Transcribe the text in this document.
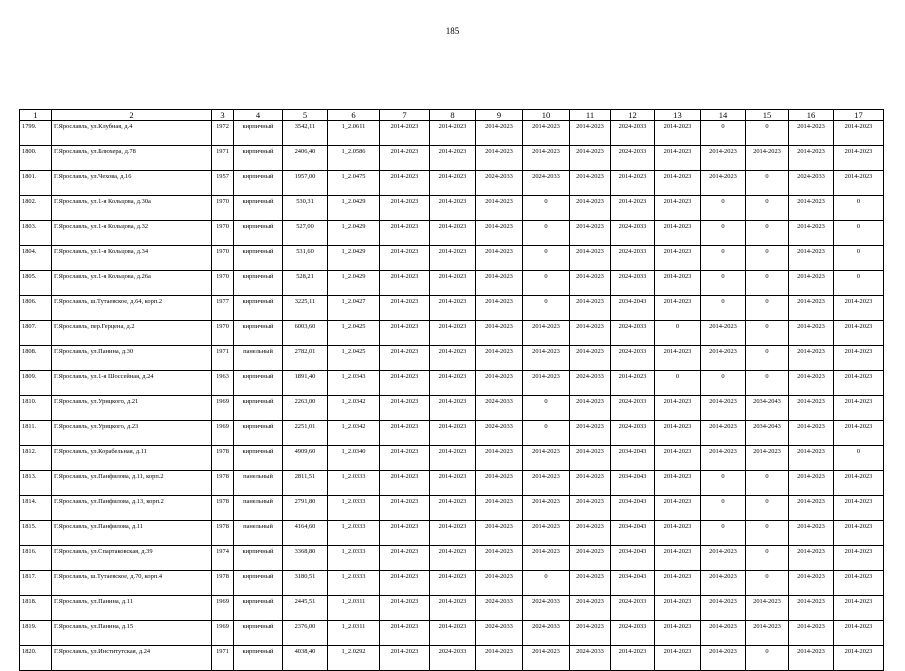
185
1	2	3	4	5	6	7	8	9	10	11	12	13	14	15	16	17
1799.	Г.Ярославль, ул.Клубная, д.4	1972	кирпичный	3542,11	1_2.0611	2014-2023	2014-2023	2014-2023	2014-2023	2014-2023	2024-2033	2014-2023	0	0	2014-2023	2014-2023
1800.	Г.Ярославль, ул.Блюхера, д.78	1971	кирпичный	2406,40	1_2.0586	2014-2023	2014-2023	2014-2023	2014-2023	2014-2023	2024-2033	2014-2023	2014-2023	2014-2023	2014-2023	2014-2023
1801.	Г.Ярославль, ул.Чехова, д.16	1957	кирпичный	1957,00	1_2.0475	2014-2023	2014-2023	2024-2033	2024-2033	2014-2023	2014-2023	2014-2023	2014-2023	0	2024-2033	2014-2023
1802.	Г.Ярославль, ул.1-я Кольцова, д.30а	1970	кирпичный	530,31	1_2.0429	2014-2023	2014-2023	2014-2023	0	2014-2023	2014-2023	2014-2023	0	0	2014-2023	0
1803.	Г.Ярославль, ул.1-я Кольцова, д.32	1970	кирпичный	527,00	1_2.0429	2014-2023	2014-2023	2014-2023	0	2014-2023	2024-2033	2014-2023	0	0	2014-2023	0
1804.	Г.Ярославль, ул.1-я Кольцова, д.34	1970	кирпичный	531,60	1_2.0429	2014-2023	2014-2023	2014-2023	0	2014-2023	2024-2033	2014-2023	0	0	2014-2023	0
1805.	Г.Ярославль, ул.1-я Кольцова, д.26а	1970	кирпичный	528,21	1_2.0429	2014-2023	2014-2023	2014-2023	0	2014-2023	2024-2033	2014-2023	0	0	2014-2023	0
1806.	Г.Ярославль, ш.Тутаевское, д.64, корп.2	1977	кирпичный	3225,11	1_2.0427	2014-2023	2014-2023	2014-2023	0	2014-2023	2034-2043	2014-2023	0	0	2014-2023	2014-2023
1807.	Г.Ярославль, пер.Герцена, д.2	1970	кирпичный	6003,60	1_2.0425	2014-2023	2014-2023	2014-2023	2014-2023	2014-2023	2024-2033	0	2014-2023	0	2014-2023	2014-2023
1808.	Г.Ярославль, ул.Панина, д.30	1971	панельный	2782,01	1_2.0425	2014-2023	2014-2023	2014-2023	2014-2023	2014-2023	2024-2033	2014-2023	2014-2023	0	2014-2023	2014-2023
1809.	Г.Ярославль, ул.1-я Шоссейная, д.24	1963	кирпичный	1891,40	1_2.0343	2014-2023	2014-2023	2014-2023	2014-2023	2024-2033	2014-2023	0	0	0	2014-2023	2014-2023
1810.	Г.Ярославль, ул.Урицкого, д.21	1969	кирпичный	2263,00	1_2.0342	2014-2023	2014-2023	2024-2033	0	2014-2023	2024-2033	2014-2023	2014-2023	2034-2043	2014-2023	2014-2023
1811.	Г.Ярославль, ул.Урицкого, д.23	1969	кирпичный	2251,01	1_2.0342	2014-2023	2014-2023	2024-2033	0	2014-2023	2024-2033	2014-2023	2014-2023	2034-2043	2014-2023	2014-2023
1812.	Г.Ярославль, ул.Корабельная, д.11	1978	кирпичный	4909,60	1_2.0340	2014-2023	2014-2023	2014-2023	2014-2023	2014-2023	2034-2043	2014-2023	2014-2023	2014-2023	2014-2023	0
1813.	Г.Ярославль, ул.Панфилова, д.11, корп.2	1978	панельный	2811,51	1_2.0333	2014-2023	2014-2023	2014-2023	2014-2023	2014-2023	2034-2043	2014-2023	0	0	2014-2023	2014-2023
1814.	Г.Ярославль, ул.Панфилова, д.13, корп.2	1978	панельный	2791,80	1_2.0333	2014-2023	2014-2023	2014-2023	2014-2023	2014-2023	2034-2043	2014-2023	0	0	2014-2023	2014-2023
1815.	Г.Ярославль, ул.Панфилова, д.11	1978	панельный	4164,60	1_2.0333	2014-2023	2014-2023	2014-2023	2014-2023	2014-2023	2034-2043	2014-2023	0	0	2014-2023	2014-2023
1816.	Г.Ярославль, ул.Спартаковская, д.39	1974	кирпичный	3368,80	1_2.0333	2014-2023	2014-2023	2014-2023	2014-2023	2014-2023	2034-2043	2014-2023	2014-2023	0	2014-2023	2014-2023
1817.	Г.Ярославль, ш.Тутаевское, д.70, корп.4	1978	кирпичный	3180,51	1_2.0333	2014-2023	2014-2023	2014-2023	0	2014-2023	2034-2043	2014-2023	2014-2023	0	2014-2023	2014-2023
1818.	Г.Ярославль, ул.Панина, д.11	1969	кирпичный	2445,51	1_2.0311	2014-2023	2014-2023	2024-2033	2024-2033	2014-2023	2024-2033	2014-2023	2014-2023	2014-2023	2014-2023	2014-2023
1819.	Г.Ярославль, ул.Панина, д.15	1969	кирпичный	2376,00	1_2.0311	2014-2023	2014-2023	2024-2033	2024-2033	2014-2023	2024-2033	2014-2023	2014-2023	2014-2023	2014-2023	2014-2023
1820.	Г.Ярославль, ул.Институтская, д.24	1971	кирпичный	4038,40	1_2.0292	2014-2023	2024-2033	2014-2023	2014-2023	2024-2033	2014-2023	2014-2023	2014-2023	0	2014-2023	2014-2023
